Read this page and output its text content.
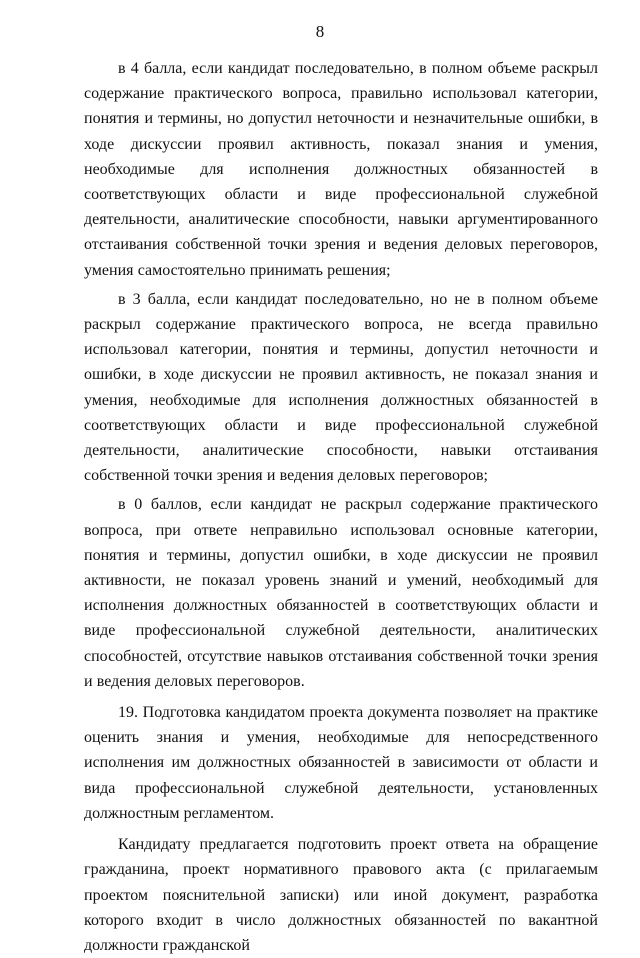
8

в 4 балла, если кандидат последовательно, в полном объеме раскрыл содержание практического вопроса, правильно использовал категории, понятия и термины, но допустил неточности и незначительные ошибки, в ходе дискуссии проявил активность, показал знания и умения, необходимые для исполнения должностных обязанностей в соответствующих области и виде профессиональной служебной деятельности, аналитические способности, навыки аргументированного отстаивания собственной точки зрения и ведения деловых переговоров, умения самостоятельно принимать решения;

в 3 балла, если кандидат последовательно, но не в полном объеме раскрыл содержание практического вопроса, не всегда правильно использовал категории, понятия и термины, допустил неточности и ошибки, в ходе дискуссии не проявил активность, не показал знания и умения, необходимые для исполнения должностных обязанностей в соответствующих области и виде профессиональной служебной деятельности, аналитические способности, навыки отстаивания собственной точки зрения и ведения деловых переговоров;

в 0 баллов, если кандидат не раскрыл содержание практического вопроса, при ответе неправильно использовал основные категории, понятия и термины, допустил ошибки, в ходе дискуссии не проявил активности, не показал уровень знаний и умений, необходимый для исполнения должностных обязанностей в соответствующих области и виде профессиональной служебной деятельности, аналитических способностей, отсутствие навыков отстаивания собственной точки зрения и ведения деловых переговоров.

19. Подготовка кандидатом проекта документа позволяет на практике оценить знания и умения, необходимые для непосредственного исполнения им должностных обязанностей в зависимости от области и вида профессиональной служебной деятельности, установленных должностным регламентом.

Кандидату предлагается подготовить проект ответа на обращение гражданина, проект нормативного правового акта (с прилагаемым проектом пояснительной записки) или иной документ, разработка которого входит в число должностных обязанностей по вакантной должности гражданской
